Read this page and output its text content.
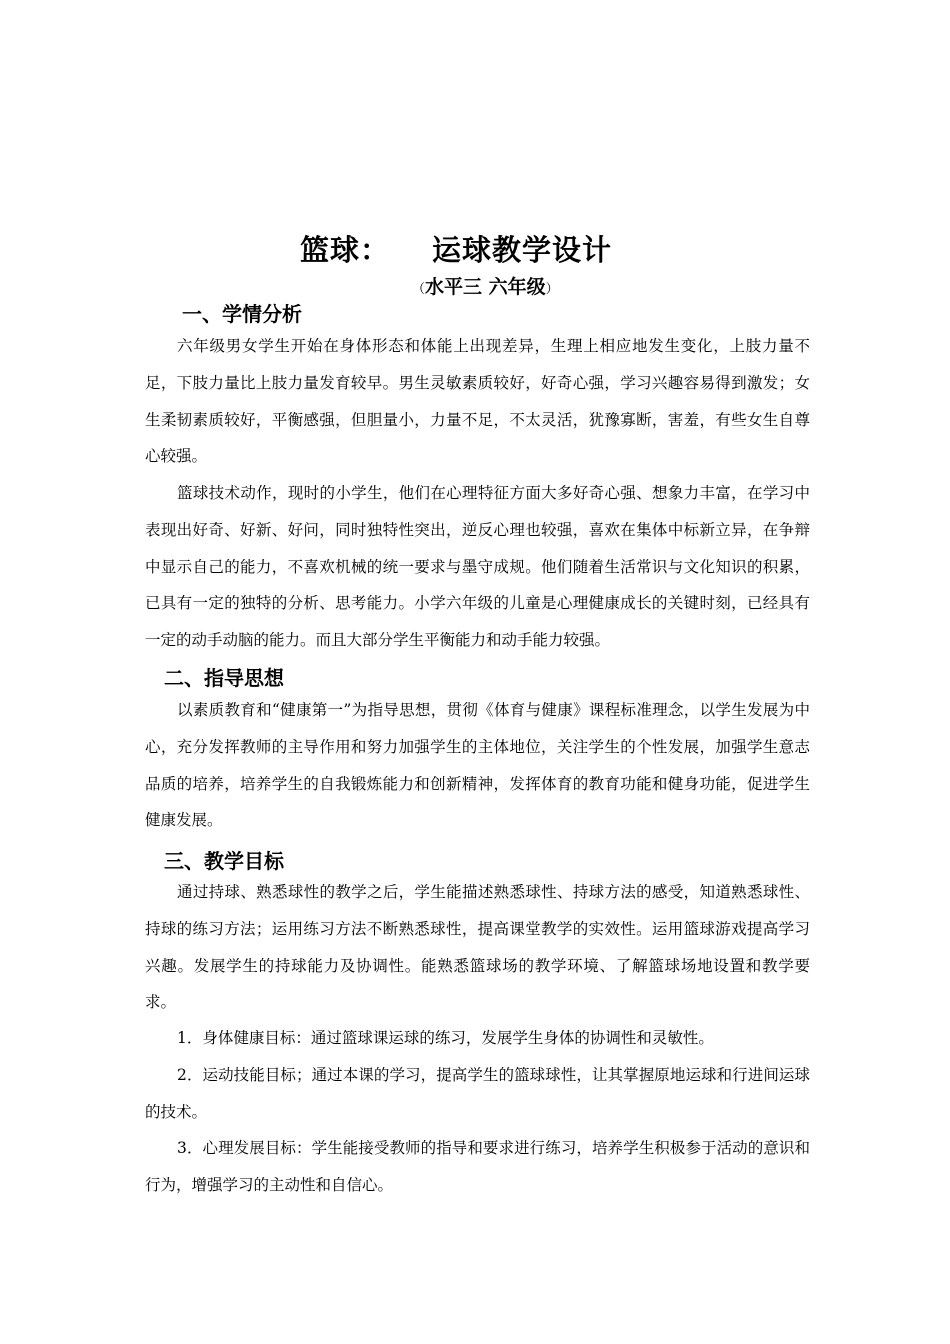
篮球： 运球教学设计
（水平三 六年级）
一、学情分析

六年级男女学生开始在身体形态和体能上出现差异，生理上相应地发生变化，上肢力量不足，下肢力量比上肢力量发育较早。男生灵敏素质较好，好奇心强，学习兴趣容易得到激发；女生柔韧素质较好，平衡感强，但胆量小，力量不足，不太灵活，犹豫寡断，害羞，有些女生自尊心较强。

篮球技术动作，现时的小学生，他们在心理特征方面大多好奇心强、想象力丰富，在学习中表现出好奇、好新、好问，同时独特性突出，逆反心理也较强，喜欢在集体中标新立异，在争辩中显示自己的能力，不喜欢机械的统一要求与墨守成规。他们随着生活常识与文化知识的积累，已具有一定的独特的分析、思考能力。小学六年级的儿童是心理健康成长的关键时刻，已经具有一定的动手动脑的能力。而且大部分学生平衡能力和动手能力较强。

二、指导思想

以素质教育和“健康第一”为指导思想，贯彻《体育与健康》课程标准理念，以学生发展为中心，充分发挥教师的主导作用和努力加强学生的主体地位，关注学生的个性发展，加强学生意志品质的培养，培养学生的自我锻炼能力和创新精神，发挥体育的教育功能和健身功能，促进学生健康发展。

三、教学目标

通过持球、熟悉球性的教学之后，学生能描述熟悉球性、持球方法的感受，知道熟悉球性、持球的练习方法；运用练习方法不断熟悉球性，提高课堂教学的实效性。运用篮球游戏提高学习兴趣。发展学生的持球能力及协调性。能熟悉篮球场的教学环境、了解篮球场地设置和教学要求。

1．身体健康目标：通过篮球课运球的练习，发展学生身体的协调性和灵敏性。

2．运动技能目标；通过本课的学习，提高学生的篮球球性，让其掌握原地运球和行进间运球的技术。

3．心理发展目标：学生能接受教师的指导和要求进行练习，培养学生积极参于活动的意识和行为，增强学习的主动性和自信心。
